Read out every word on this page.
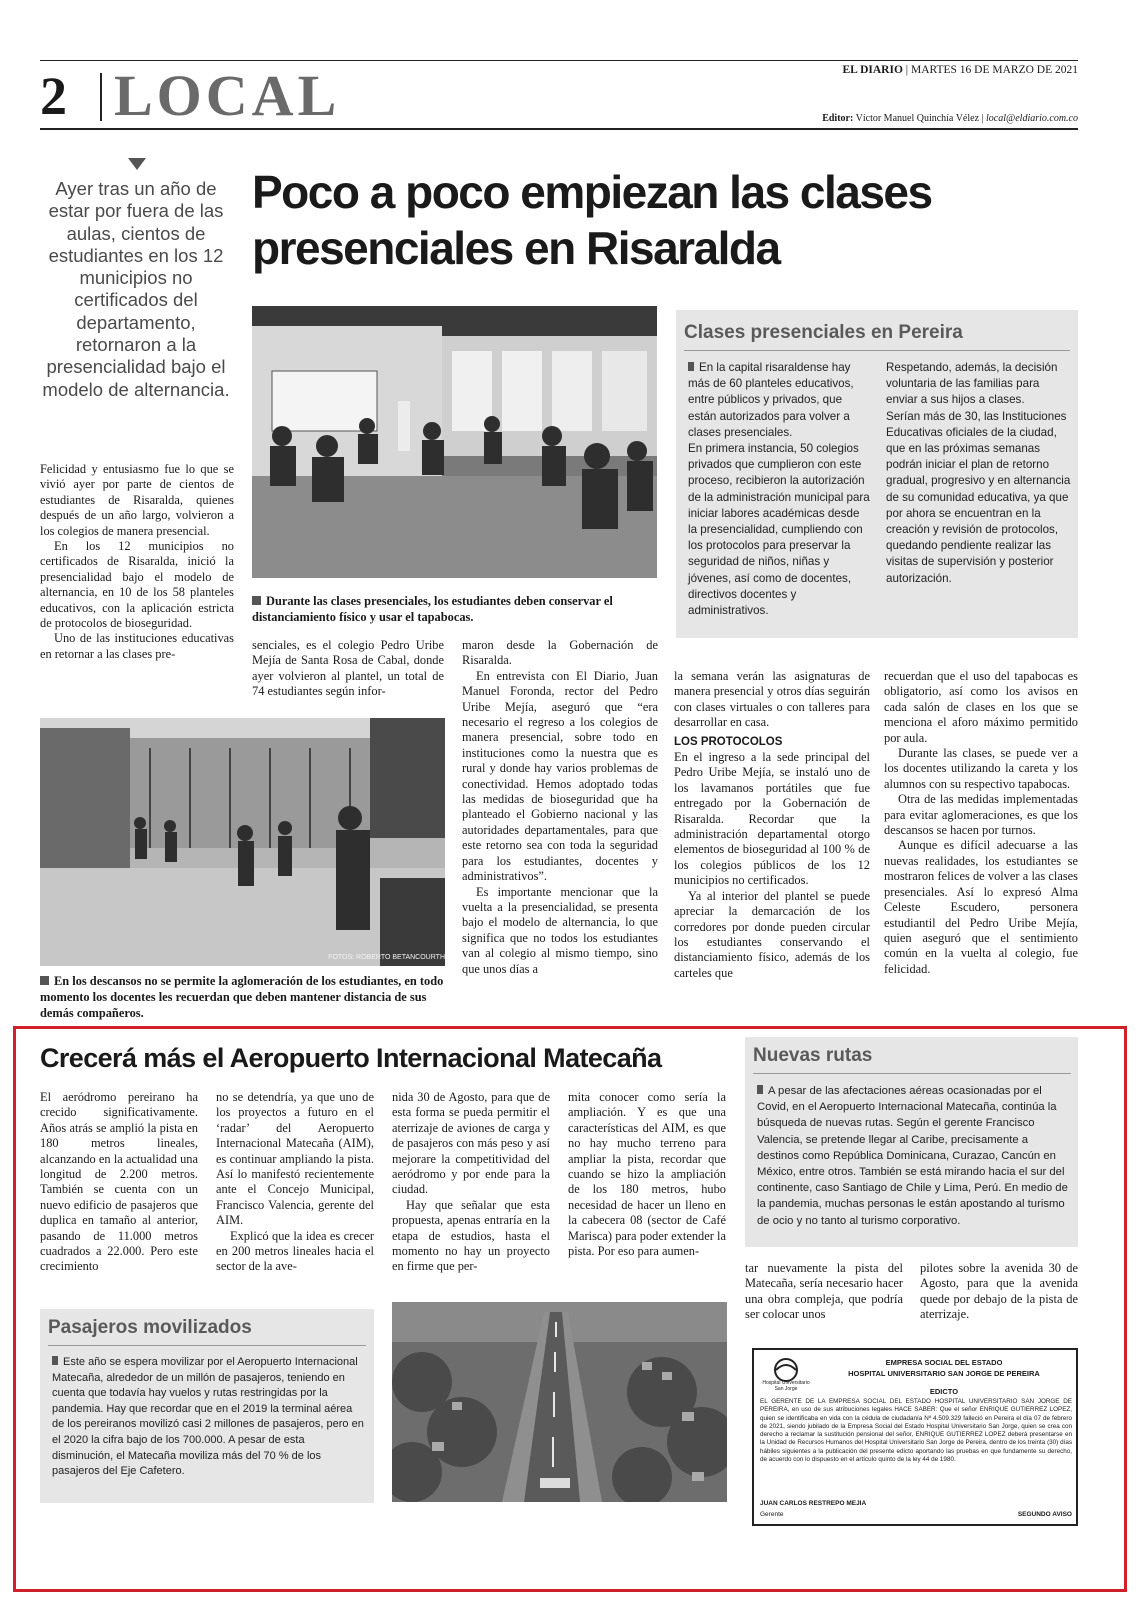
2 LOCAL	EL DIARIO | MARTES 16 DE MARZO DE 2021
Editor: Víctor Manuel Quinchía Vélez | local@eldiario.com.co
Ayer tras un año de estar por fuera de las aulas, cientos de estudiantes en los 12 municipios no certificados del departamento, retornaron a la presencialidad bajo el modelo de alternancia.
Poco a poco empiezan las clases presenciales en Risaralda
Durante las clases presenciales, los estudiantes deben conservar el distanciamiento físico y usar el tapabocas.
Clases presenciales en Pereira

En la capital risaraldense hay más de 60 planteles educativos, entre públicos y privados, que están autorizados para volver a clases presenciales.

En primera instancia, 50 colegios privados que cumplieron con este proceso, recibieron la autorización de la administración municipal para iniciar labores académicas desde la presencialidad, cumpliendo con los protocolos para preservar la seguridad de niños, niñas y jóvenes, así como de docentes, directivos docentes y administrativos.

Respetando, además, la decisión voluntaria de las familias para enviar a sus hijos a clases.

Serían más de 30, las Instituciones Educativas oficiales de la ciudad, que en las próximas semanas podrán iniciar el plan de retorno gradual, progresivo y en alternancia de su comunidad educativa, ya que por ahora se encuentran en la creación y revisión de protocolos, quedando pendiente realizar las visitas de supervisión y posterior autorización.

Felicidad y entusiasmo fue lo que se vivió ayer por parte de cientos de estudiantes de Risaralda, quienes después de un año largo, volvieron a los colegios de manera presencial.

En los 12 municipios no certificados de Risaralda, inició la presencialidad bajo el modelo de alternancia, en 10 de los 58 planteles educativos, con la aplicación estricta de protocolos de bioseguridad.

Uno de las instituciones educativas en retornar a las clases pre-

senciales, es el colegio Pedro Uribe Mejía de Santa Rosa de Cabal, donde ayer volvieron al plantel, un total de 74 estudiantes según infor-

maron desde la Gobernación de Risaralda.

En entrevista con El Diario, Juan Manuel Foronda, rector del Pedro Uribe Mejía, aseguró que “era necesario el regreso a los colegios de manera presencial, sobre todo en instituciones como la nuestra que es rural y donde hay varios problemas de conectividad. Hemos adoptado todas las medidas de bioseguridad que ha planteado el Gobierno nacional y las autoridades departamentales, para que este retorno sea con toda la seguridad para los estudiantes, docentes y administrativos”.

Es importante mencionar que la vuelta a la presencialidad, se presenta bajo el modelo de alternancia, lo que significa que no todos los estudiantes van al colegio al mismo tiempo, sino que unos días a

la semana verán las asignaturas de manera presencial y otros días seguirán con clases virtuales o con talleres para desarrollar en casa.

LOS PROTOCOLOS

En el ingreso a la sede principal del Pedro Uribe Mejía, se instaló uno de los lavamanos portátiles que fue entregado por la Gobernación de Risaralda. Recordar que la administración departamental otorgo elementos de bioseguridad al 100 % de los colegios públicos de los 12 municipios no certificados.

Ya al interior del plantel se puede apreciar la demarcación de los corredores por donde pueden circular los estudiantes conservando el distanciamiento físico, además de los carteles que

recuerdan que el uso del tapabocas es obligatorio, así como los avisos en cada salón de clases en los que se menciona el aforo máximo permitido por aula.

Durante las clases, se puede ver a los docentes utilizando la careta y los alumnos con su respectivo tapabocas.

Otra de las medidas implementadas para evitar aglomeraciones, es que los descansos se hacen por turnos.

Aunque es difícil adecuarse a las nuevas realidades, los estudiantes se mostraron felices de volver a las clases presenciales. Así lo expresó Alma Celeste Escudero, personera estudiantil del Pedro Uribe Mejía, quien aseguró que el sentimiento común en la vuelta al colegio, fue felicidad.

FOTOS: ROBERTO BETANCOURTH
En los descansos no se permite la aglomeración de los estudiantes, en todo momento los docentes les recuerdan que deben mantener distancia de sus demás compañeros.
Crecerá más el Aeropuerto Internacional Matecaña	Nuevas rutas
A pesar de las afectaciones aéreas ocasionadas por el Covid, en el Aeropuerto Internacional Matecaña, continúa la búsqueda de nuevas rutas. Según el gerente Francisco Valencia, se pretende llegar al Caribe, precisamente a destinos como República Dominicana, Curazao, Cancún en México, entre otros. También se está mirando hacia el sur del continente, caso Santiago de Chile y Lima, Perú. En medio de la pandemia, muchas personas le están apostando al turismo de ocio y no tanto al turismo corporativo.

El aeródromo pereirano ha crecido significativamente. Años atrás se amplió la pista en 180 metros lineales, alcanzando en la actualidad una longitud de 2.200 metros. También se cuenta con un nuevo edificio de pasajeros que duplica en tamaño al anterior, pasando de 11.000 metros cuadrados a 22.000. Pero este crecimiento

no se detendría, ya que uno de los proyectos a futuro en el ‘radar’ del Aeropuerto Internacional Matecaña (AIM), es continuar ampliando la pista. Así lo manifestó recientemente ante el Concejo Municipal, Francisco Valencia, gerente del AIM.

Explicó que la idea es crecer en 200 metros lineales hacia el sector de la ave-

nida 30 de Agosto, para que de esta forma se pueda permitir el aterrizaje de aviones de carga y de pasajeros con más peso y así mejorare la competitividad del aeródromo y por ende para la ciudad.

Hay que señalar que esta propuesta, apenas entraría en la etapa de estudios, hasta el momento no hay un proyecto en firme que per-

mita conocer como sería la ampliación. Y es que una características del AIM, es que no hay mucho terreno para ampliar la pista, recordar que cuando se hizo la ampliación de los 180 metros, hubo necesidad de hacer un lleno en la cabecera 08 (sector de Café Marisca) para poder extender la pista. Por eso para aumen-

tar nuevamente la pista del Matecaña, sería necesario hacer una obra compleja, que podría ser colocar unos

pilotes sobre la avenida 30 de Agosto, para que la avenida quede por debajo de la pista de aterrizaje.

Pasajeros movilizados
Este año se espera movilizar por el Aeropuerto Internacional Matecaña, alrededor de un millón de pasajeros, teniendo en cuenta que todavía hay vuelos y rutas restringidas por la pandemia. Hay que recordar que en el 2019 la terminal aérea de los pereiranos movilizó casi 2 millones de pasajeros, pero en el 2020 la cifra bajo de los 700.000. A pesar de esta disminución, el Matecaña moviliza más del 70 % de los pasajeros del Eje Cafetero.
Hospital Universitario San Jorge
EMPRESA SOCIAL DEL ESTADO
HOSPITAL UNIVERSITARIO SAN JORGE DE PEREIRA
EDICTO
EL GERENTE DE LA EMPRESA SOCIAL DEL ESTADO HOSPITAL UNIVERSITARIO SAN JORGE DE PEREIRA, en uso de sus atribuciones legales HACE SABER: Que el señor ENRIQUE GUTIERREZ LOPEZ, quien se identificaba en vida con la cédula de ciudadanía Nº 4.509.329 falleció en Pereira el día 07 de febrero de 2021, siendo jubilado de la Empresa Social del Estado Hospital Universitario San Jorge, quien se crea con derecho a reclamar la sustitución pensional del señor, ENRIQUE GUTIERREZ LOPEZ deberá presentarse en la Unidad de Recursos Humanos del Hospital Universitario San Jorge de Pereira, dentro de los treinta (30) días hábiles siguientes a la publicación del presente edicto aportando las pruebas en que fundamente su derecho, de acuerdo con lo dispuesto en el artículo quinto de la ley 44 de 1980.
JUAN CARLOS RESTREPO MEJIA
Gerente	SEGUNDO AVISO
